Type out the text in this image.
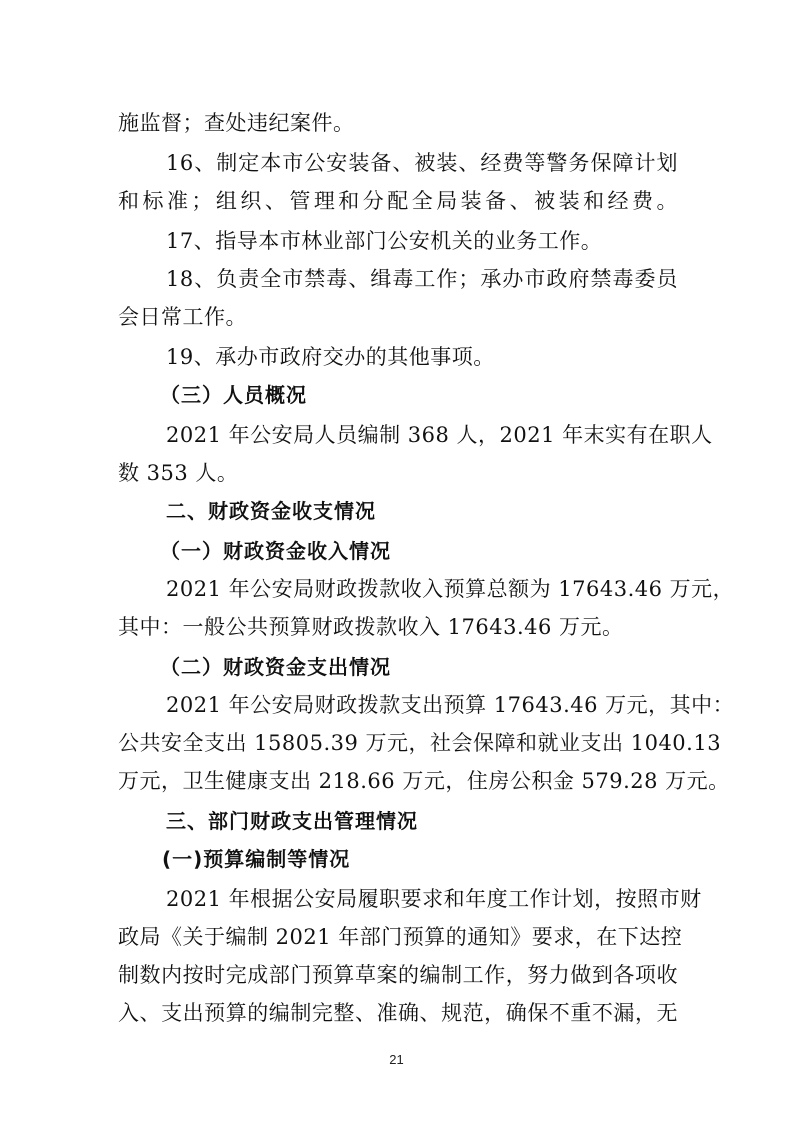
施监督；查处违纪案件。
16、制定本市公安装备、被装、经费等警务保障计划
和标准；组织、管理和分配全局装备、被装和经费。
17、指导本市林业部门公安机关的业务工作。
18、负责全市禁毒、缉毒工作；承办市政府禁毒委员
会日常工作。
19、承办市政府交办的其他事项。
（三）人员概况
2021 年公安局人员编制 368 人，2021 年末实有在职人
数 353 人。
二、财政资金收支情况
（一）财政资金收入情况
2021 年公安局财政拨款收入预算总额为 17643.46 万元，
其中：一般公共预算财政拨款收入 17643.46 万元。
（二）财政资金支出情况
2021 年公安局财政拨款支出预算 17643.46 万元，其中：
公共安全支出 15805.39 万元，社会保障和就业支出 1040.13
万元，卫生健康支出 218.66 万元，住房公积金 579.28 万元。
三、部门财政支出管理情况
(一)预算编制等情况
2021 年根据公安局履职要求和年度工作计划，按照市财
政局《关于编制 2021 年部门预算的通知》要求，在下达控
制数内按时完成部门预算草案的编制工作，努力做到各项收
入、支出预算的编制完整、准确、规范，确保不重不漏，无
21
